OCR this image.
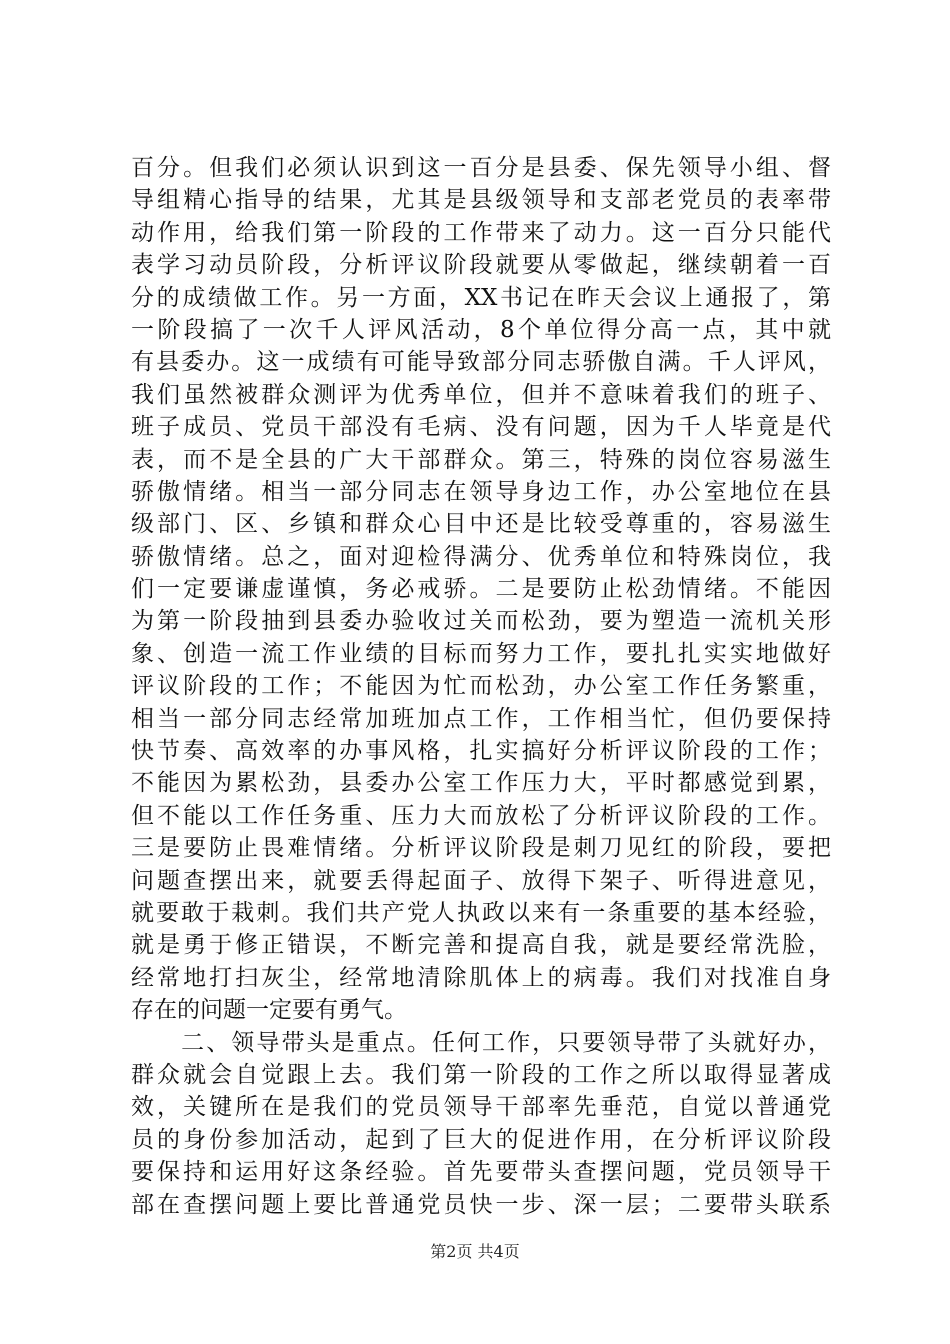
百分。但我们必须认识到这一百分是县委、保先领导小组、督
导组精心指导的结果，尤其是县级领导和支部老党员的表率带
动作用，给我们第一阶段的工作带来了动力。这一百分只能代
表学习动员阶段，分析评议阶段就要从零做起，继续朝着一百
分的成绩做工作。另一方面，XX书记在昨天会议上通报了，第
一阶段搞了一次千人评风活动，8个单位得分高一点，其中就
有县委办。这一成绩有可能导致部分同志骄傲自满。千人评风，
我们虽然被群众测评为优秀单位，但并不意味着我们的班子、
班子成员、党员干部没有毛病、没有问题，因为千人毕竟是代
表，而不是全县的广大干部群众。第三，特殊的岗位容易滋生
骄傲情绪。相当一部分同志在领导身边工作，办公室地位在县
级部门、区、乡镇和群众心目中还是比较受尊重的，容易滋生
骄傲情绪。总之，面对迎检得满分、优秀单位和特殊岗位，我
们一定要谦虚谨慎，务必戒骄。二是要防止松劲情绪。不能因
为第一阶段抽到县委办验收过关而松劲，要为塑造一流机关形
象、创造一流工作业绩的目标而努力工作，要扎扎实实地做好
评议阶段的工作；不能因为忙而松劲，办公室工作任务繁重，
相当一部分同志经常加班加点工作，工作相当忙，但仍要保持
快节奏、高效率的办事风格，扎实搞好分析评议阶段的工作；
不能因为累松劲，县委办公室工作压力大，平时都感觉到累，
但不能以工作任务重、压力大而放松了分析评议阶段的工作。
三是要防止畏难情绪。分析评议阶段是刺刀见红的阶段，要把
问题查摆出来，就要丢得起面子、放得下架子、听得进意见，
就要敢于栽刺。我们共产党人执政以来有一条重要的基本经验，
就是勇于修正错误，不断完善和提高自我，就是要经常洗脸，
经常地打扫灰尘，经常地清除肌体上的病毒。我们对找准自身
存在的问题一定要有勇气。
　　二、领导带头是重点。任何工作，只要领导带了头就好办，
群众就会自觉跟上去。我们第一阶段的工作之所以取得显著成
效，关键所在是我们的党员领导干部率先垂范，自觉以普通党
员的身份参加活动，起到了巨大的促进作用，在分析评议阶段
要保持和运用好这条经验。首先要带头查摆问题，党员领导干
部在查摆问题上要比普通党员快一步、深一层；二要带头联系
第2页 共4页
